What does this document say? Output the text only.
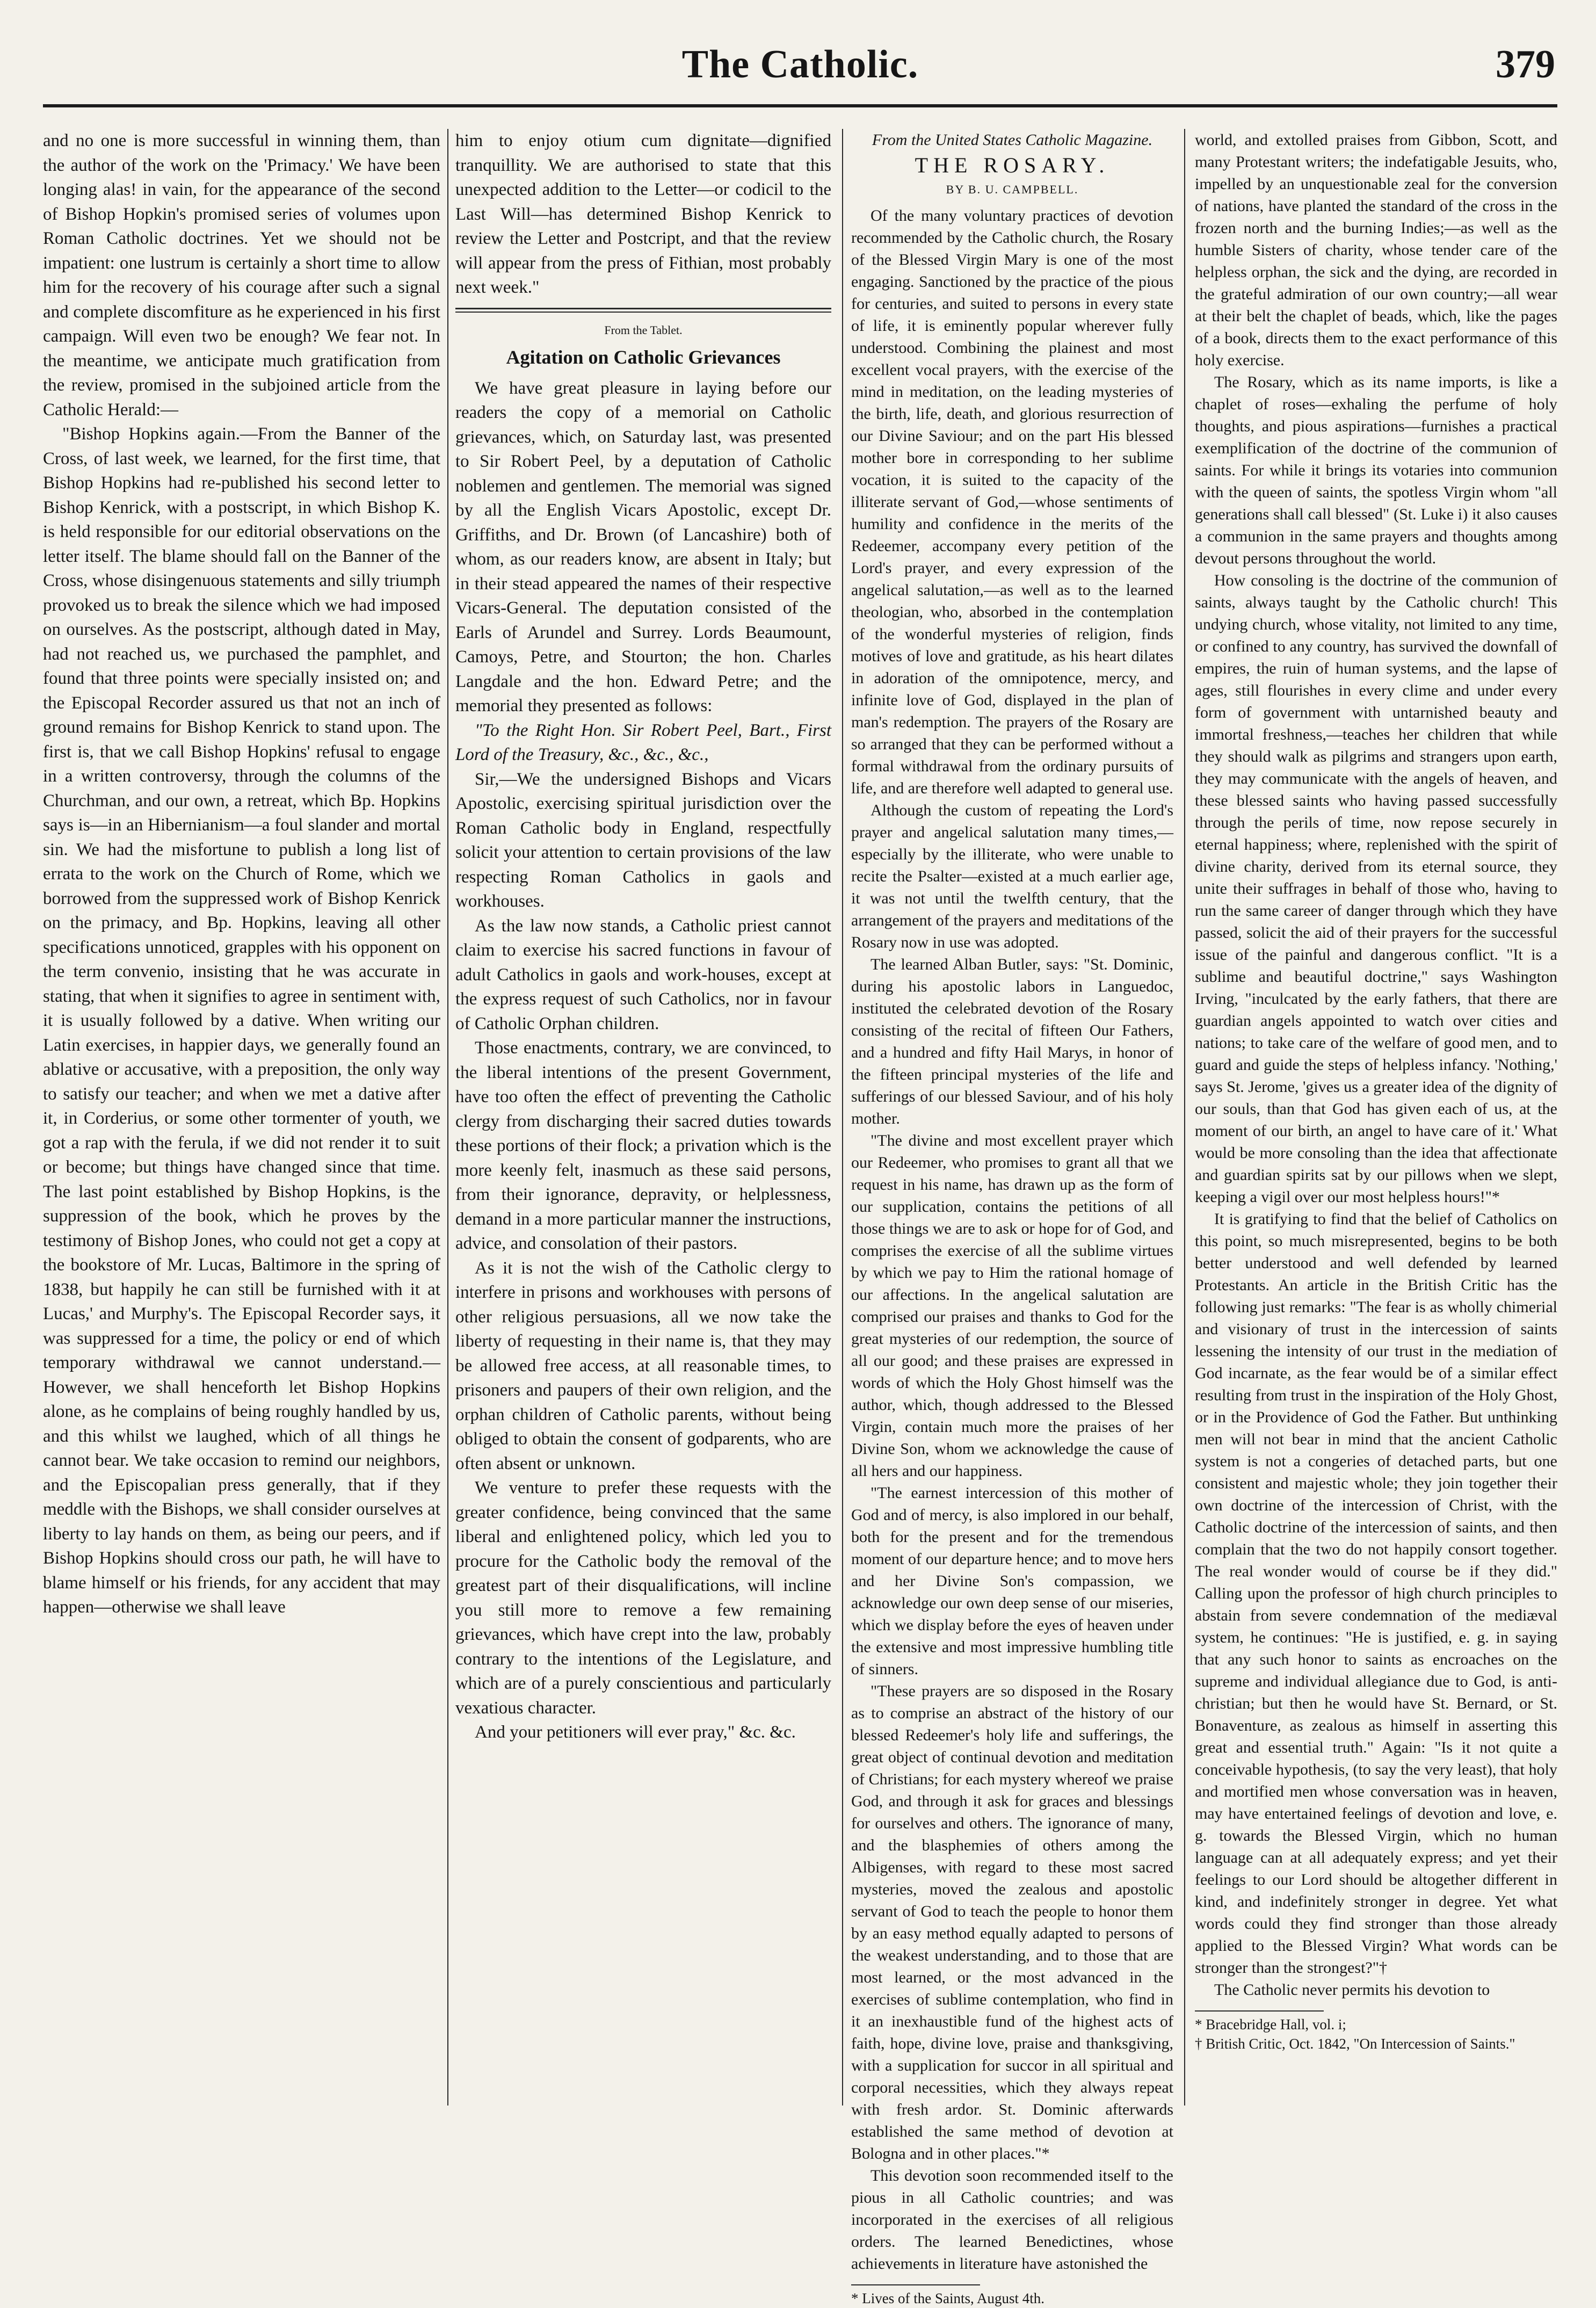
The Catholic.	379

and no one is more successful in winning them, than the author of the work on the 'Primacy.' We have been longing alas! in vain, for the appearance of the second of Bishop Hopkin's promised series of volumes upon Roman Catholic doctrines. Yet we should not be impatient: one lustrum is certainly a short time to allow him for the recovery of his courage after such a signal and complete discomfiture as he experienced in his first campaign. Will even two be enough? We fear not. In the meantime, we anticipate much gratification from the review, promised in the subjoined article from the Catholic Herald:—

"Bishop Hopkins again.—From the Banner of the Cross, of last week, we learned, for the first time, that Bishop Hopkins had re-published his second letter to Bishop Kenrick, with a postscript, in which Bishop K. is held responsible for our editorial observations on the letter itself. The blame should fall on the Banner of the Cross, whose disingenuous statements and silly triumph provoked us to break the silence which we had imposed on ourselves. As the postscript, although dated in May, had not reached us, we purchased the pamphlet, and found that three points were specially insisted on; and the Episcopal Recorder assured us that not an inch of ground remains for Bishop Kenrick to stand upon. The first is, that we call Bishop Hopkins' refusal to engage in a written controversy, through the columns of the Churchman, and our own, a retreat, which Bp. Hopkins says is—in an Hibernianism—a foul slander and mortal sin. We had the misfortune to publish a long list of errata to the work on the Church of Rome, which we borrowed from the suppressed work of Bishop Kenrick on the primacy, and Bp. Hopkins, leaving all other specifications unnoticed, grapples with his opponent on the term convenio, insisting that he was accurate in stating, that when it signifies to agree in sentiment with, it is usually followed by a dative. When writing our Latin exercises, in happier days, we generally found an ablative or accusative, with a preposition, the only way to satisfy our teacher; and when we met a dative after it, in Corderius, or some other tormenter of youth, we got a rap with the ferula, if we did not render it to suit or become; but things have changed since that time. The last point established by Bishop Hopkins, is the suppression of the book, which he proves by the testimony of Bishop Jones, who could not get a copy at the bookstore of Mr. Lucas, Baltimore in the spring of 1838, but happily he can still be furnished with it at Lucas,' and Murphy's. The Episcopal Recorder says, it was suppressed for a time, the policy or end of which temporary withdrawal we cannot understand.—However, we shall henceforth let Bishop Hopkins alone, as he complains of being roughly handled by us, and this whilst we laughed, which of all things he cannot bear. We take occasion to remind our neighbors, and the Episcopalian press generally, that if they meddle with the Bishops, we shall consider ourselves at liberty to lay hands on them, as being our peers, and if Bishop Hopkins should cross our path, he will have to blame himself or his friends, for any accident that may happen—otherwise we shall leave

him to enjoy otium cum dignitate—dignified tranquillity. We are authorised to state that this unexpected addition to the Letter—or codicil to the Last Will—has determined Bishop Kenrick to review the Letter and Postcript, and that the review will appear from the press of Fithian, most probably next week."

From the Tablet.
Agitation on Catholic Grievances

We have great pleasure in laying before our readers the copy of a memorial on Catholic grievances, which, on Saturday last, was presented to Sir Robert Peel, by a deputation of Catholic noblemen and gentlemen. The memorial was signed by all the English Vicars Apostolic, except Dr. Griffiths, and Dr. Brown (of Lancashire) both of whom, as our readers know, are absent in Italy; but in their stead appeared the names of their respective Vicars-General. The deputation consisted of the Earls of Arundel and Surrey. Lords Beaumount, Camoys, Petre, and Stourton; the hon. Charles Langdale and the hon. Edward Petre; and the memorial they presented as follows:

"To the Right Hon. Sir Robert Peel, Bart., First Lord of the Treasury, &c., &c., &c.,

Sir,—We the undersigned Bishops and Vicars Apostolic, exercising spiritual jurisdiction over the Roman Catholic body in England, respectfully solicit your attention to certain provisions of the law respecting Roman Catholics in gaols and workhouses.

As the law now stands, a Catholic priest cannot claim to exercise his sacred functions in favour of adult Catholics in gaols and work-houses, except at the express request of such Catholics, nor in favour of Catholic Orphan children.

Those enactments, contrary, we are convinced, to the liberal intentions of the present Government, have too often the effect of preventing the Catholic clergy from discharging their sacred duties towards these portions of their flock; a privation which is the more keenly felt, inasmuch as these said persons, from their ignorance, depravity, or helplessness, demand in a more particular manner the instructions, advice, and consolation of their pastors.

As it is not the wish of the Catholic clergy to interfere in prisons and workhouses with persons of other religious persuasions, all we now take the liberty of requesting in their name is, that they may be allowed free access, at all reasonable times, to prisoners and paupers of their own religion, and the orphan children of Catholic parents, without being obliged to obtain the consent of godparents, who are often absent or unknown.

We venture to prefer these requests with the greater confidence, being convinced that the same liberal and enlightened policy, which led you to procure for the Catholic body the removal of the greatest part of their disqualifications, will incline you still more to remove a few remaining grievances, which have crept into the law, probably contrary to the intentions of the Legislature, and which are of a purely conscientious and particularly vexatious character.

And your petitioners will ever pray," &c. &c.

From the United States Catholic Magazine.
THE ROSARY.
BY B. U. CAMPBELL.

Of the many voluntary practices of devotion recommended by the Catholic church, the Rosary of the Blessed Virgin Mary is one of the most engaging. Sanctioned by the practice of the pious for centuries, and suited to persons in every state of life, it is eminently popular wherever fully understood. Combining the plainest and most excellent vocal prayers, with the exercise of the mind in meditation, on the leading mysteries of the birth, life, death, and glorious resurrection of our Divine Saviour; and on the part His blessed mother bore in corresponding to her sublime vocation, it is suited to the capacity of the illiterate servant of God,—whose sentiments of humility and confidence in the merits of the Redeemer, accompany every petition of the Lord's prayer, and every expression of the angelical salutation,—as well as to the learned theologian, who, absorbed in the contemplation of the wonderful mysteries of religion, finds motives of love and gratitude, as his heart dilates in adoration of the omnipotence, mercy, and infinite love of God, displayed in the plan of man's redemption. The prayers of the Rosary are so arranged that they can be performed without a formal withdrawal from the ordinary pursuits of life, and are therefore well adapted to general use.

Although the custom of repeating the Lord's prayer and angelical salutation many times,—especially by the illiterate, who were unable to recite the Psalter—existed at a much earlier age, it was not until the twelfth century, that the arrangement of the prayers and meditations of the Rosary now in use was adopted.

The learned Alban Butler, says: "St. Dominic, during his apostolic labors in Languedoc, instituted the celebrated devotion of the Rosary consisting of the recital of fifteen Our Fathers, and a hundred and fifty Hail Marys, in honor of the fifteen principal mysteries of the life and sufferings of our blessed Saviour, and of his holy mother.

"The divine and most excellent prayer which our Redeemer, who promises to grant all that we request in his name, has drawn up as the form of our supplication, contains the petitions of all those things we are to ask or hope for of God, and comprises the exercise of all the sublime virtues by which we pay to Him the rational homage of our affections. In the angelical salutation are comprised our praises and thanks to God for the great mysteries of our redemption, the source of all our good; and these praises are expressed in words of which the Holy Ghost himself was the author, which, though addressed to the Blessed Virgin, contain much more the praises of her Divine Son, whom we acknowledge the cause of all hers and our happiness.

"The earnest intercession of this mother of God and of mercy, is also implored in our behalf, both for the present and for the tremendous moment of our departure hence; and to move hers and her Divine Son's compassion, we acknowledge our own deep sense of our miseries, which we display before the eyes of heaven under the extensive and most impressive humbling title of sinners.

"These prayers are so disposed in the Rosary as to comprise an abstract of the history of our blessed Redeemer's holy life and sufferings, the great object of continual devotion and meditation of Christians; for each mystery whereof we praise God, and through it ask for graces and blessings for ourselves and others. The ignorance of many, and the blasphemies of others among the Albigenses, with regard to these most sacred mysteries, moved the zealous and apostolic servant of God to teach the people to honor them by an easy method equally adapted to persons of the weakest understanding, and to those that are most learned, or the most advanced in the exercises of sublime contemplation, who find in it an inexhaustible fund of the highest acts of faith, hope, divine love, praise and thanksgiving, with a supplication for succor in all spiritual and corporal necessities, which they always repeat with fresh ardor. St. Dominic afterwards established the same method of devotion at Bologna and in other places."*

This devotion soon recommended itself to the pious in all Catholic countries; and was incorporated in the exercises of all religious orders. The learned Benedictines, whose achievements in literature have astonished the

* Lives of the Saints, August 4th.

world, and extolled praises from Gibbon, Scott, and many Protestant writers; the indefatigable Jesuits, who, impelled by an unquestionable zeal for the conversion of nations, have planted the standard of the cross in the frozen north and the burning Indies;—as well as the humble Sisters of charity, whose tender care of the helpless orphan, the sick and the dying, are recorded in the grateful admiration of our own country;—all wear at their belt the chaplet of beads, which, like the pages of a book, directs them to the exact performance of this holy exercise.

The Rosary, which as its name imports, is like a chaplet of roses—exhaling the perfume of holy thoughts, and pious aspirations—furnishes a practical exemplification of the doctrine of the communion of saints. For while it brings its votaries into communion with the queen of saints, the spotless Virgin whom "all generations shall call blessed" (St. Luke i) it also causes a communion in the same prayers and thoughts among devout persons throughout the world.

How consoling is the doctrine of the communion of saints, always taught by the Catholic church! This undying church, whose vitality, not limited to any time, or confined to any country, has survived the downfall of empires, the ruin of human systems, and the lapse of ages, still flourishes in every clime and under every form of government with untarnished beauty and immortal freshness,—teaches her children that while they should walk as pilgrims and strangers upon earth, they may communicate with the angels of heaven, and these blessed saints who having passed successfully through the perils of time, now repose securely in eternal happiness; where, replenished with the spirit of divine charity, derived from its eternal source, they unite their suffrages in behalf of those who, having to run the same career of danger through which they have passed, solicit the aid of their prayers for the successful issue of the painful and dangerous conflict. "It is a sublime and beautiful doctrine," says Washington Irving, "inculcated by the early fathers, that there are guardian angels appointed to watch over cities and nations; to take care of the welfare of good men, and to guard and guide the steps of helpless infancy. 'Nothing,' says St. Jerome, 'gives us a greater idea of the dignity of our souls, than that God has given each of us, at the moment of our birth, an angel to have care of it.' What would be more consoling than the idea that affectionate and guardian spirits sat by our pillows when we slept, keeping a vigil over our most helpless hours!"*

It is gratifying to find that the belief of Catholics on this point, so much misrepresented, begins to be both better understood and well defended by learned Protestants. An article in the British Critic has the following just remarks: "The fear is as wholly chimerial and visionary of trust in the intercession of saints lessening the intensity of our trust in the mediation of God incarnate, as the fear would be of a similar effect resulting from trust in the inspiration of the Holy Ghost, or in the Providence of God the Father. But unthinking men will not bear in mind that the ancient Catholic system is not a congeries of detached parts, but one consistent and majestic whole; they join together their own doctrine of the intercession of Christ, with the Catholic doctrine of the intercession of saints, and then complain that the two do not happily consort together. The real wonder would of course be if they did." Calling upon the professor of high church principles to abstain from severe condemnation of the mediæval system, he continues: "He is justified, e. g. in saying that any such honor to saints as encroaches on the supreme and individual allegiance due to God, is anti-christian; but then he would have St. Bernard, or St. Bonaventure, as zealous as himself in asserting this great and essential truth." Again: "Is it not quite a conceivable hypothesis, (to say the very least), that holy and mortified men whose conversation was in heaven, may have entertained feelings of devotion and love, e. g. towards the Blessed Virgin, which no human language can at all adequately express; and yet their feelings to our Lord should be altogether different in kind, and indefinitely stronger in degree. Yet what words could they find stronger than those already applied to the Blessed Virgin? What words can be stronger than the strongest?"†

The Catholic never permits his devotion to

* Bracebridge Hall, vol. i;

† British Critic, Oct. 1842, "On Intercession of Saints."
